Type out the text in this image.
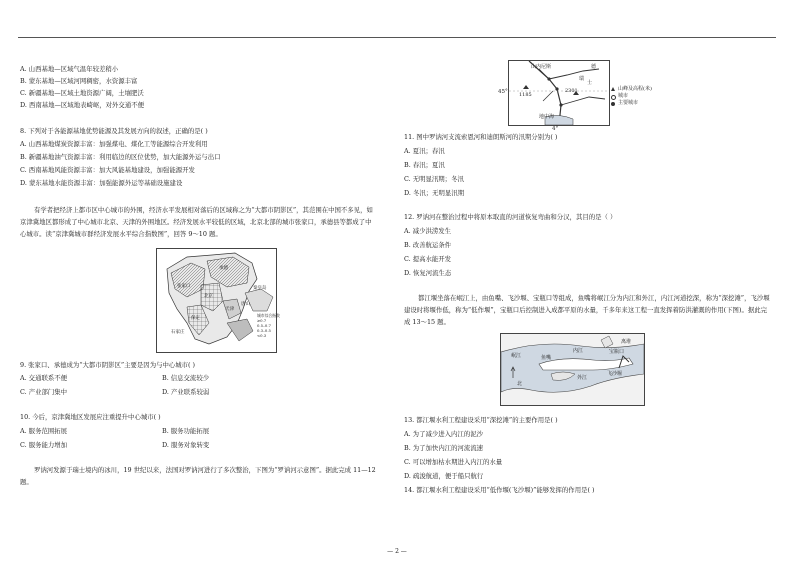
A. 山西基地—区域气温年较差稍小
B. 蒙东基地—区域河网稠密，水资源丰富
C. 新疆基地—区域土地资源广阔，土壤肥沃
D. 西南基地—区域地表崎岖，对外交通不便
8. 下列对于各能源基地优势能源及其发展方向的叙述，正确的是( )
A. 山西基地煤炭资源丰富：加强煤电、煤化工等能源综合开发利用
B. 新疆基地油气资源丰富：利用临边的区位优势，加大能源外运与出口
C. 西南基地风能资源丰富：加大风能基地建设，加强能源开发
D. 蒙东基地水能资源丰富：加强能源外运等基础设施建设
有学者把经济上都市区中心城市的外围，经济水平发展相对落后的区域称之为“大都市阴影区”，其范围在中国不多见，如京津冀地区都形成了中心城市北京、天津的外围地区。经济发展水平较低的区域，北京北部的城市张家口，承德县等都成了中心城市。读“京津冀城市群经济发展水平综合指数图”，回答 9～10 题。
张家口
承德
北京
天津
保定
石家庄
秦皇岛
唐山
城市综合指数
≥0.7
0.5–0.7
0.3–0.5
<0.3
9. 张家口、承德成为“大都市阴影区”主要是因为与中心城市( )
A. 交通联系不便	B. 信息交流较少
C. 产业部门集中	D. 产业联系较弱
10. 今后，京津冀地区发展应注重提升中心城市( )
A. 服务范围拓展	B. 服务功能拓展
C. 服务能力增加	D. 服务对象转变
罗讷河发源于瑞士境内的冰川，19 世纪以来，法国对罗讷河进行了多次整治，下图为“罗讷河示意图”。据此完成 11—12 题。
1185
山内尼斯
2301
德
瑞
士
地中海
45°
4°
山峰及高程(米)
城市
主要城市
11. 图中罗讷河支流索恩河和迪朗斯河的汛期分别为( )
A. 夏汛；春汛
B. 春汛；夏汛
C. 无明显汛期；冬汛
D. 冬汛；无明显汛期
12. 罗讷河在整治过程中将原本取直的河道恢复弯曲和分汉，其目的是（ ）
A. 减少洪涝发生
B. 改善航运条件
C. 提高水能开发
D. 恢复河流生态
都江堰坐落在岷江上，由鱼嘴、飞沙堰、宝瓶口等组成，鱼嘴将岷江分为内江和外江，内江河道挖深，称为“深挖滩”，飞沙堰建设时将堰作低，称为“低作堰”，宝瓶口后控制进入成都平原的水量，千多年来这工程一直发挥着防洪灌溉的作用(下图)。据此完成 13～15 题。
鱼嘴
内江
外江
岷江
飞沙堰
宝瓶口
离堆
北
13. 都江堰水利工程建设采用“深挖滩”的主要作用是( )
A. 为了减少进入内江的泥沙
B. 为了加快内江的河流流速
C. 可以增加枯水期进入内江的水量
D. 疏浚航道，便于船只航行
14. 都江堰水利工程建设采用“低作堰(飞沙堰)”能够发挥的作用是( )
— 2 —
